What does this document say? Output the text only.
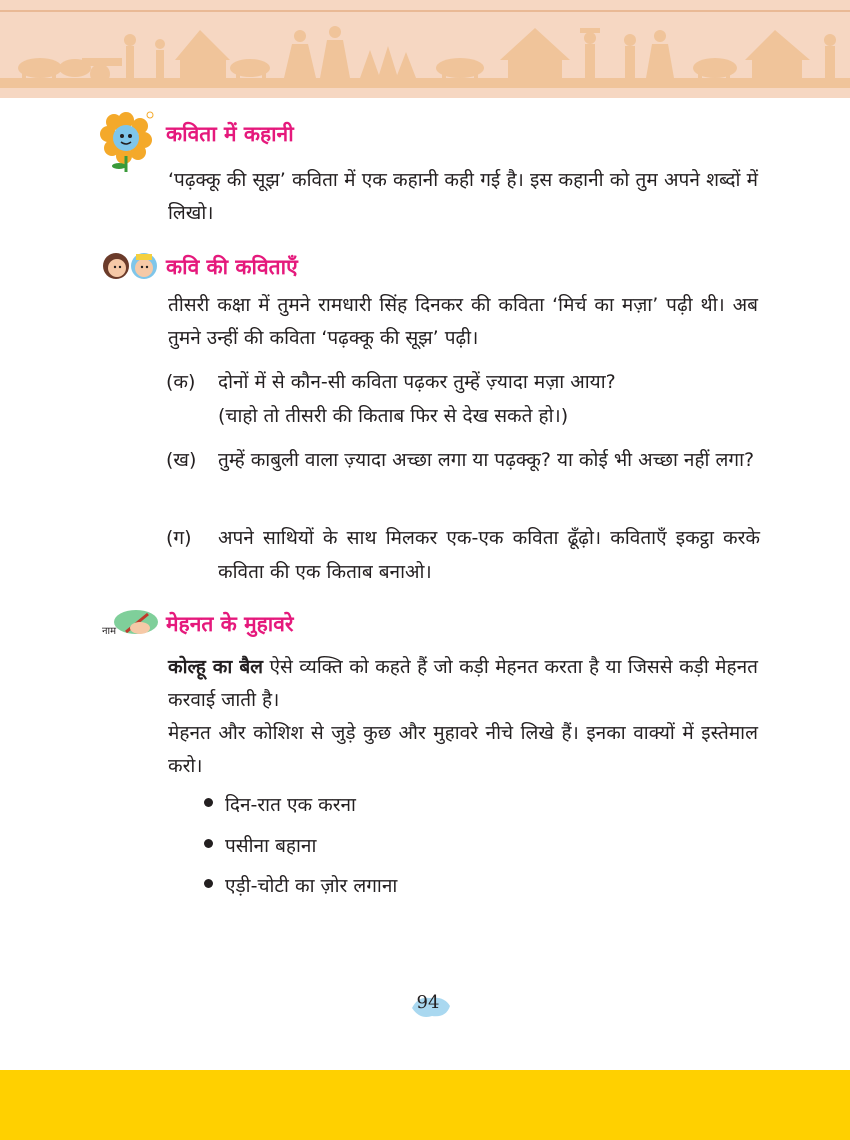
कविता में कहानी
‘पढ़क्कू की सूझ’ कविता में एक कहानी कही गई है। इस कहानी को तुम अपने शब्दों में लिखो।
कवि की कविताएँ
तीसरी कक्षा में तुमने रामधारी सिंह दिनकर की कविता ‘मिर्च का मज़ा’ पढ़ी थी। अब तुमने उन्हीं की कविता ‘पढ़क्कू की सूझ’ पढ़ी।
(क)	दोनों में से कौन-सी कविता पढ़कर तुम्हें ज़्यादा मज़ा आया?
(चाहो तो तीसरी की किताब फिर से देख सकते हो।)
(ख)	तुम्हें काबुली वाला ज़्यादा अच्छा लगा या पढ़क्कू? या कोई भी अच्छा नहीं लगा?
(ग)	अपने साथियों के साथ मिलकर एक-एक कविता ढूँढ़ो। कविताएँ इकट्ठा करके कविता की एक किताब बनाओ।
नाम मेहनत के मुहावरे
कोल्हू का बैल ऐसे व्यक्ति को कहते हैं जो कड़ी मेहनत करता है या जिससे कड़ी मेहनत करवाई जाती है।
मेहनत और कोशिश से जुड़े कुछ और मुहावरे नीचे लिखे हैं। इनका वाक्यों में इस्तेमाल करो।
दिन-रात एक करना
पसीना बहाना
एड़ी-चोटी का ज़ोर लगाना
94
